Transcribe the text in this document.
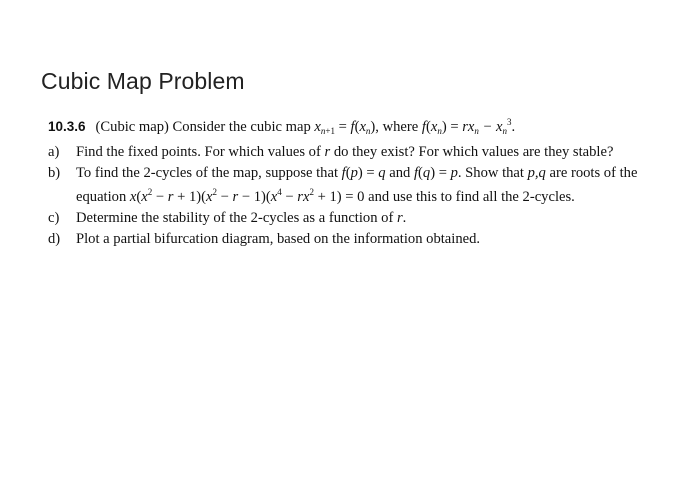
Cubic Map Problem
10.3.6 (Cubic map) Consider the cubic map $x_{n+1} = f(x_n)$, where $f(x_n) = rx_n - x_n^3$.
a) Find the fixed points. For which values of r do they exist? For which values are they stable?
b) To find the 2-cycles of the map, suppose that f(p) = q and f(q) = p. Show that p,q are roots of the equation $x(x^2 - r + 1)(x^2 - r - 1)(x^4 - rx^2 + 1) = 0$ and use this to find all the 2-cycles.
c) Determine the stability of the 2-cycles as a function of r.
d) Plot a partial bifurcation diagram, based on the information obtained.
